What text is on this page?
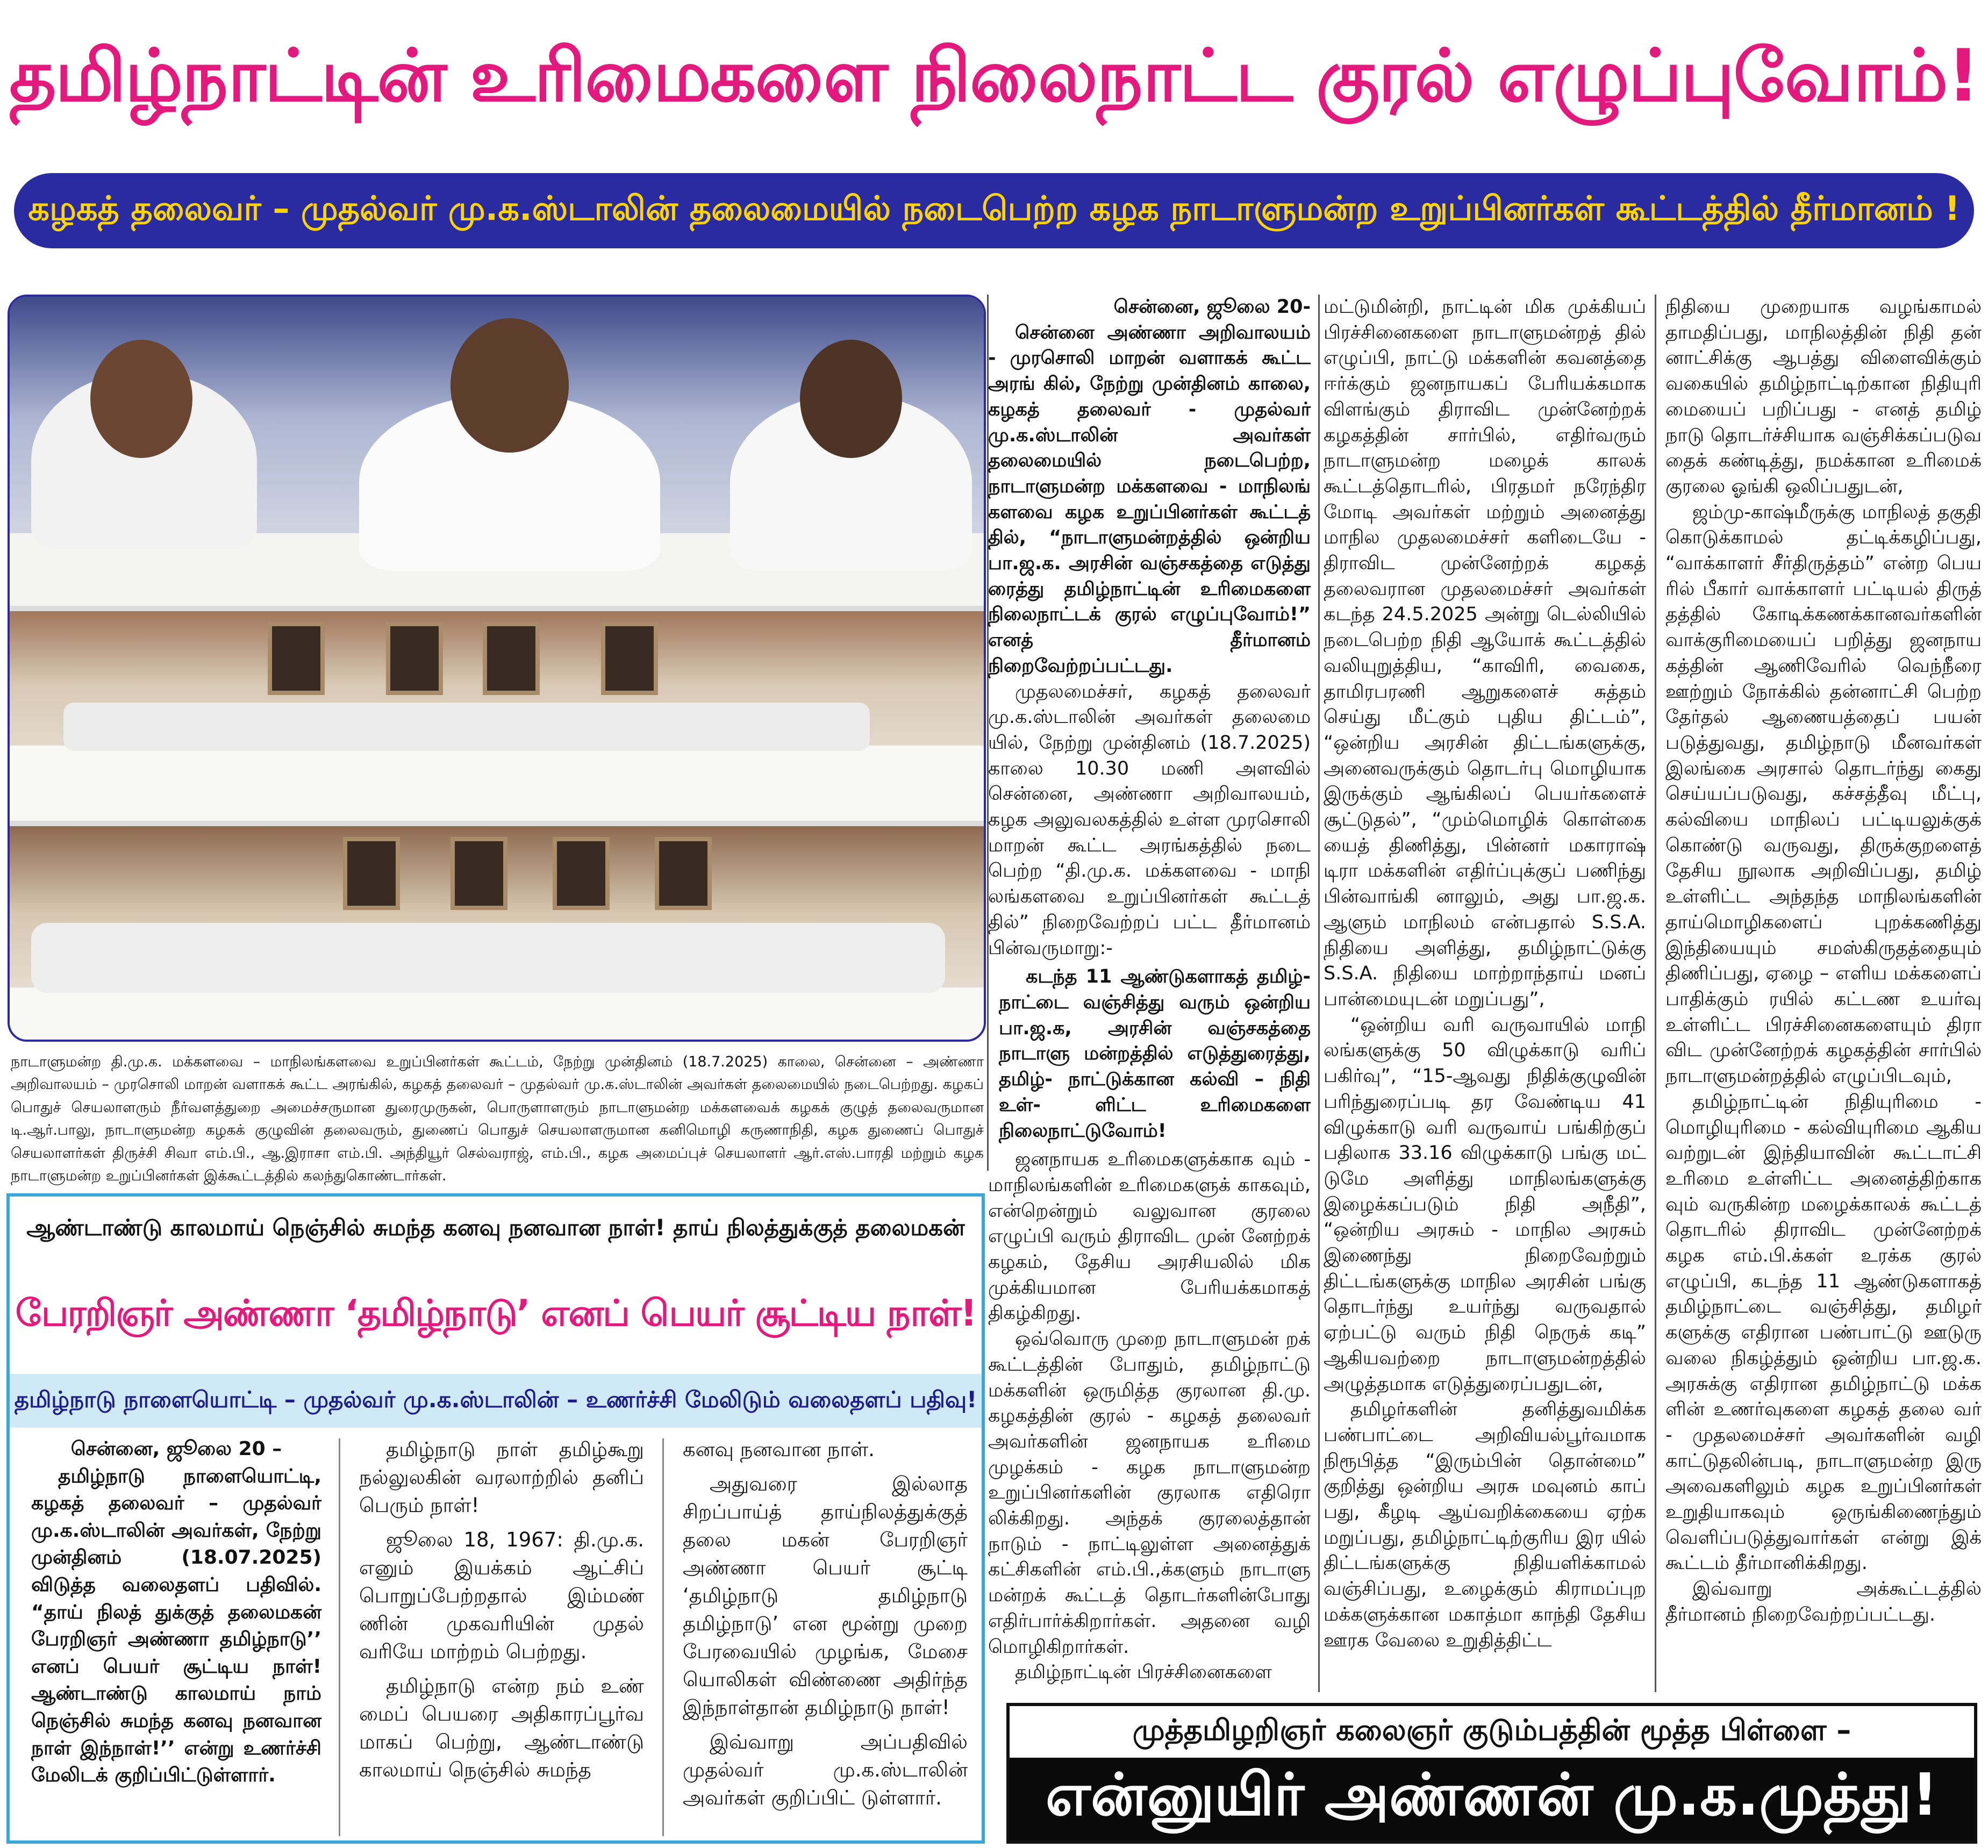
தமிழ்நாட்டின் உரிமைகளை நிலைநாட்ட குரல் எழுப்புவோம்!
கழகத் தலைவர் – முதல்வர் மு.க.ஸ்டாலின் தலைமையில் நடைபெற்ற கழக நாடாளுமன்ற உறுப்பினர்கள் கூட்டத்தில் தீர்மானம் !
நாடாளுமன்ற தி.மு.க. மக்களவை – மாநிலங்களவை உறுப்பினர்கள் கூட்டம், நேற்று முன்தினம் (18.7.2025) காலை, சென்னை – அண்ணா அறிவாலயம் – முரசொலி மாறன் வளாகக் கூட்ட அரங்கில், கழகத் தலைவர் – முதல்வர் மு.க.ஸ்டாலின் அவர்கள் தலைமையில் நடைபெற்றது. கழகப் பொதுச் செயலாளரும் நீர்வளத்துறை அமைச்சருமான துரைமுருகன், பொருளாளரும் நாடாளுமன்ற மக்களவைக் கழகக் குழுத் தலைவருமான டி.ஆர்.பாலு, நாடாளுமன்ற கழகக் குழுவின் தலைவரும், துணைப் பொதுச் செயலாளருமான கனிமொழி கருணாநிதி, கழக துணைப் பொதுச் செயலாளர்கள் திருச்சி சிவா எம்.பி., ஆ.இராசா எம்.பி. அந்தியூர் செல்வராஜ், எம்.பி., கழக அமைப்புச் செயலாளர் ஆர்.எஸ்.பாரதி மற்றும் கழக நாடாளுமன்ற உறுப்பினர்கள் இக்கூட்டத்தில் கலந்துகொண்டார்கள்.

சென்னை, ஜூலை 20-

சென்னை அண்ணா அறிவாலயம் - முரசொலி மாறன் வளாகக் கூட்ட அரங் கில், நேற்று முன்தினம் காலை, கழகத் தலைவர் - முதல்வர் மு.க.ஸ்டாலின் அவர்கள் தலைமையில் நடைபெற்ற, நாடாளுமன்ற மக்களவை - மாநிலங் களவை கழக உறுப்பினர்கள் கூட்டத் தில், “நாடாளுமன்றத்தில் ஒன்றிய பா.ஜ.க. அரசின் வஞ்சகத்தை எடுத்து ரைத்து தமிழ்நாட்டின் உரிமைகளை நிலைநாட்டக் குரல் எழுப்புவோம்!” எனத் தீர்மானம் நிறைவேற்றப்பட்டது.

முதலமைச்சர், கழகத் தலைவர் மு.க.ஸ்டாலின் அவர்கள் தலைமை யில், நேற்று முன்தினம் (18.7.2025) காலை 10.30 மணி அளவில் சென்னை, அண்ணா அறிவாலயம், கழக அலுவலகத்தில் உள்ள முரசொலி மாறன் கூட்ட அரங்கத்தில் நடை பெற்ற “தி.மு.க. மக்களவை - மாநி லங்களவை உறுப்பினர்கள் கூட்டத் தில்” நிறைவேற்றப் பட்ட தீர்மானம் பின்வருமாறு:-

கடந்த 11 ஆண்டுகளாகத் தமிழ்- நாட்டை வஞ்சித்து வரும் ஒன்றிய பா.ஜ.க, அரசின் வஞ்சகத்தை நாடாளு மன்றத்தில் எடுத்துரைத்து, தமிழ்- நாட்டுக்கான கல்வி – நிதி உள்- ளிட்ட உரிமைகளை நிலைநாட்டுவோம்!

ஜனநாயக உரிமைகளுக்காக வும் - மாநிலங்களின் உரிமைகளுக் காகவும், என்றென்றும் வலுவான குரலை எழுப்பி வரும் திராவிட முன் னேற்றக் கழகம், தேசிய அரசியலில் மிக முக்கியமான பேரியக்கமாகத் திகழ்கிறது.

ஒவ்வொரு முறை நாடாளுமன் றக் கூட்டத்தின் போதும், தமிழ்நாட்டு மக்களின் ஒருமித்த குரலான தி.மு. கழகத்தின் குரல் - கழகத் தலைவர் அவர்களின் ஜனநாயக உரிமை முழக்கம் - கழக நாடாளுமன்ற உறுப்பினர்களின் குரலாக எதிரொ லிக்கிறது. அந்தக் குரலைத்தான் நாடும் - நாட்டிலுள்ள அனைத்துக் கட்சிகளின் எம்.பி.,க்களும் நாடாளு மன்றக் கூட்டத் தொடர்களின்போது எதிர்பார்க்கிறார்கள். அதனை வழி மொழிகிறார்கள்.

தமிழ்நாட்டின் பிரச்சினைகளை

மட்டுமின்றி, நாட்டின் மிக முக்கியப் பிரச்சினைகளை நாடாளுமன்றத் தில் எழுப்பி, நாட்டு மக்களின் கவனத்தை ஈர்க்கும் ஜனநாயகப் பேரியக்கமாக விளங்கும் திராவிட முன்னேற்றக் கழகத்தின் சார்பில், எதிர்வரும் நாடாளுமன்ற மழைக் காலக் கூட்டத்தொடரில், பிரதமர் நரேந்திர மோடி அவர்கள் மற்றும் அனைத்து மாநில முதலமைச்சர் களிடையே - திராவிட முன்னேற்றக் கழகத் தலைவரான முதலமைச்சர் அவர்கள் கடந்த 24.5.2025 அன்று டெல்லியில் நடைபெற்ற நிதி ஆயோக் கூட்டத்தில் வலியுறுத்திய, “காவிரி, வைகை, தாமிரபரணி ஆறுகளைச் சுத்தம் செய்து மீட்கும் புதிய திட்டம்”, “ஒன்றிய அரசின் திட்டங்களுக்கு, அனைவருக்கும் தொடர்பு மொழியாக இருக்கும் ஆங்கிலப் பெயர்களைச் சூட்டுதல்”, “மும்மொழிக் கொள்கை யைத் திணித்து, பின்னர் மகாராஷ் டிரா மக்களின் எதிர்ப்புக்குப் பணிந்து பின்வாங்கி னாலும், அது பா.ஜ.க. ஆளும் மாநிலம் என்பதால் S.S.A. நிதியை அளித்து, தமிழ்நாட்டுக்கு S.S.A. நிதியை மாற்றாந்தாய் மனப் பான்மையுடன் மறுப்பது”,

“ஒன்றிய வரி வருவாயில் மாநி லங்களுக்கு 50 விழுக்காடு வரிப் பகிர்வு”, “15-ஆவது நிதிக்குழுவின் பரிந்துரைப்படி தர வேண்டிய 41 விழுக்காடு வரி வருவாய் பங்கிற்குப் பதிலாக 33.16 விழுக்காடு பங்கு மட் டுமே அளித்து மாநிலங்களுக்கு இழைக்கப்படும் நிதி அநீதி”, “ஒன்றிய அரசும் - மாநில அரசும் இணைந்து நிறைவேற்றும் திட்டங்களுக்கு மாநில அரசின் பங்கு தொடர்ந்து உயர்ந்து வருவதால் ஏற்பட்டு வரும் நிதி நெருக் கடி” ஆகியவற்றை நாடாளுமன்றத்தில் அழுத்தமாக எடுத்துரைப்பதுடன்,

தமிழர்களின் தனித்துவமிக்க பண்பாட்டை அறிவியல்பூர்வமாக நிரூபித்த “இரும்பின் தொன்மை” குறித்து ஒன்றிய அரசு மவுனம் காப் பது, கீழடி ஆய்வறிக்கையை ஏற்க மறுப்பது, தமிழ்நாட்டிற்குரிய இர யில் திட்டங்களுக்கு நிதியளிக்காமல் வஞ்சிப்பது, உழைக்கும் கிராமப்புற மக்களுக்கான மகாத்மா காந்தி தேசிய ஊரக வேலை உறுதித்திட்ட

நிதியை முறையாக வழங்காமல் தாமதிப்பது, மாநிலத்தின் நிதி தன் னாட்சிக்கு ஆபத்து விளைவிக்கும் வகையில் தமிழ்நாட்டிற்கான நிதியுரி மையைப் பறிப்பது - எனத் தமிழ் நாடு தொடர்ச்சியாக வஞ்சிக்கப்படுவ தைக் கண்டித்து, நமக்கான உரிமைக் குரலை ஓங்கி ஒலிப்பதுடன்,

ஜம்மு-காஷ்மீருக்கு மாநிலத் தகுதி கொடுக்காமல் தட்டிக்கழிப்பது, “வாக்காளர் சீர்திருத்தம்” என்ற பெய ரில் பீகார் வாக்காளர் பட்டியல் திருத் தத்தில் கோடிக்கணக்கானவர்களின் வாக்குரிமையைப் பறித்து ஜனநாய கத்தின் ஆணிவேரில் வெந்நீரை ஊற்றும் நோக்கில் தன்னாட்சி பெற்ற தேர்தல் ஆணையத்தைப் பயன் படுத்துவது, தமிழ்நாடு மீனவர்கள் இலங்கை அரசால் தொடர்ந்து கைது செய்யப்படுவது, கச்சத்தீவு மீட்பு, கல்வியை மாநிலப் பட்டியலுக்குக் கொண்டு வருவது, திருக்குறளைத் தேசிய நூலாக அறிவிப்பது, தமிழ் உள்ளிட்ட அந்தந்த மாநிலங்களின் தாய்மொழிகளைப் புறக்கணித்து இந்தியையும் சமஸ்கிருதத்தையும் திணிப்பது, ஏழை – எளிய மக்களைப் பாதிக்கும் ரயில் கட்டண உயர்வு உள்ளிட்ட பிரச்சினைகளையும் திரா விட முன்னேற்றக் கழகத்தின் சார்பில் நாடாளுமன்றத்தில் எழுப்பிடவும்,

தமிழ்நாட்டின் நிதியுரிமை - மொழியுரிமை - கல்வியுரிமை ஆகிய வற்றுடன் இந்தியாவின் கூட்டாட்சி உரிமை உள்ளிட்ட அனைத்திற்காக வும் வருகின்ற மழைக்காலக் கூட்டத் தொடரில் திராவிட முன்னேற்றக் கழக எம்.பி.க்கள் உரக்க குரல் எழுப்பி, கடந்த 11 ஆண்டுகளாகத் தமிழ்நாட்டை வஞ்சித்து, தமிழர் களுக்கு எதிரான பண்பாட்டு ஊடுரு வலை நிகழ்த்தும் ஒன்றிய பா.ஜ.க. அரசுக்கு எதிரான தமிழ்நாட்டு மக்க ளின் உணர்வுகளை கழகத் தலை வர் - முதலமைச்சர் அவர்களின் வழி காட்டுதலின்படி, நாடாளுமன்ற இரு அவைகளிலும் கழக உறுப்பினர்கள் உறுதியாகவும் ஒருங்கிணைந்தும் வெளிப்படுத்துவார்கள் என்று இக் கூட்டம் தீர்மானிக்கிறது.

இவ்வாறு அக்கூட்டத்தில் தீர்மானம் நிறைவேற்றப்பட்டது.

ஆண்டாண்டு காலமாய் நெஞ்சில் சுமந்த கனவு நனவான நாள்! தாய் நிலத்துக்குத் தலைமகன்
பேரறிஞர் அண்ணா ‘தமிழ்நாடு’ எனப் பெயர் சூட்டிய நாள்!
தமிழ்நாடு நாளையொட்டி – முதல்வர் மு.க.ஸ்டாலின் – உணர்ச்சி மேலிடும் வலைதளப் பதிவு!

சென்னை, ஜூலை 20 –

தமிழ்நாடு நாளையொட்டி, கழகத் தலைவர் – முதல்வர் மு.க.ஸ்டாலின் அவர்கள், நேற்று முன்தினம் (18.07.2025) விடுத்த வலைதளப் பதிவில். “தாய் நிலத் துக்குத் தலைமகன் பேரறிஞர் அண்ணா தமிழ்நாடு’’ எனப் பெயர் சூட்டிய நாள்! ஆண்டாண்டு காலமாய் நாம் நெஞ்சில் சுமந்த கனவு நனவான நாள் இந்நாள்!’’ என்று உணர்ச்சி மேலிடக் குறிப்பிட்டுள்ளார்.

தமிழ்நாடு நாள் தமிழ்கூறு நல்லுலகின் வரலாற்றில் தனிப் பெரும் நாள்!

ஜூலை 18, 1967: தி.மு.க. எனும் இயக்கம் ஆட்சிப் பொறுப்பேற்றதால் இம்மண் ணின் முகவரியின் முதல் வரியே மாற்றம் பெற்றது.

தமிழ்நாடு என்ற நம் உண் மைப் பெயரை அதிகாரப்பூர்வ மாகப் பெற்று, ஆண்டாண்டு காலமாய் நெஞ்சில் சுமந்த

கனவு நனவான நாள்.

அதுவரை இல்லாத சிறப்பாய்த் தாய்நிலத்துக்குத் தலை மகன் பேரறிஞர் அண்ணா பெயர் சூட்டி ‘தமிழ்நாடு தமிழ்நாடு தமிழ்நாடு’ என மூன்று முறை பேரவையில் முழங்க, மேசை யொலிகள் விண்ணை அதிர்ந்த இந்நாள்தான் தமிழ்நாடு நாள்!

இவ்வாறு அப்பதிவில் முதல்வர் மு.க.ஸ்டாலின் அவர்கள் குறிப்பிட் டுள்ளார்.

முத்தமிழறிஞர் கலைஞர் குடும்பத்தின் மூத்த பிள்ளை –
என்னுயிர் அண்ணன் மு.க.முத்து!
